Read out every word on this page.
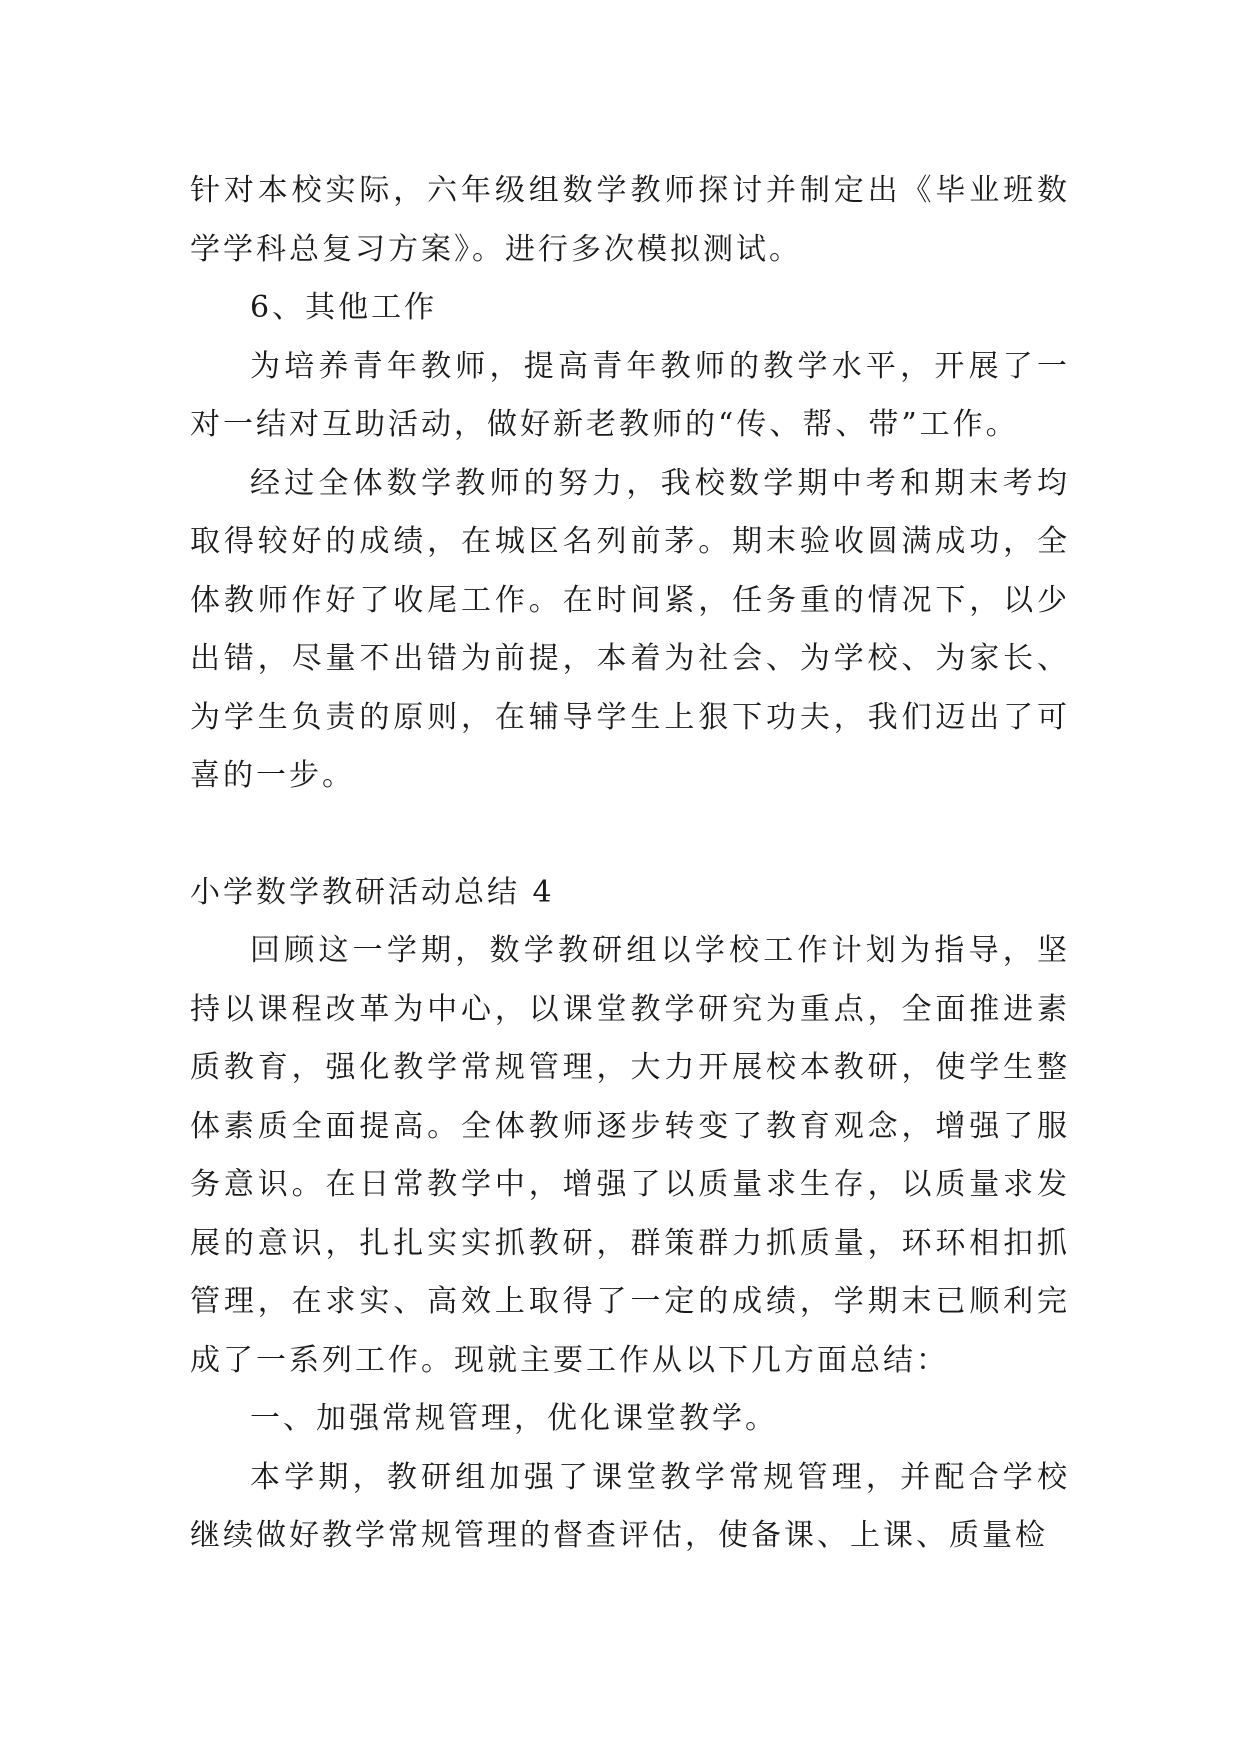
针对本校实际，六年级组数学教师探讨并制定出《毕业班数学学科总复习方案》。进行多次模拟测试。

6、其他工作

为培养青年教师，提高青年教师的教学水平，开展了一对一结对互助活动，做好新老教师的“传、帮、带”工作。

经过全体数学教师的努力，我校数学期中考和期末考均取得较好的成绩，在城区名列前茅。期末验收圆满成功，全体教师作好了收尾工作。在时间紧，任务重的情况下，以少出错，尽量不出错为前提，本着为社会、为学校、为家长、为学生负责的原则，在辅导学生上狠下功夫，我们迈出了可喜的一步。

小学数学教研活动总结 4

回顾这一学期，数学教研组以学校工作计划为指导，坚持以课程改革为中心，以课堂教学研究为重点，全面推进素质教育，强化教学常规管理，大力开展校本教研，使学生整体素质全面提高。全体教师逐步转变了教育观念，增强了服务意识。在日常教学中，增强了以质量求生存，以质量求发展的意识，扎扎实实抓教研，群策群力抓质量，环环相扣抓管理，在求实、高效上取得了一定的成绩，学期末已顺利完成了一系列工作。现就主要工作从以下几方面总结：

一、加强常规管理，优化课堂教学。

本学期，教研组加强了课堂教学常规管理，并配合学校继续做好教学常规管理的督查评估，使备课、上课、质量检
